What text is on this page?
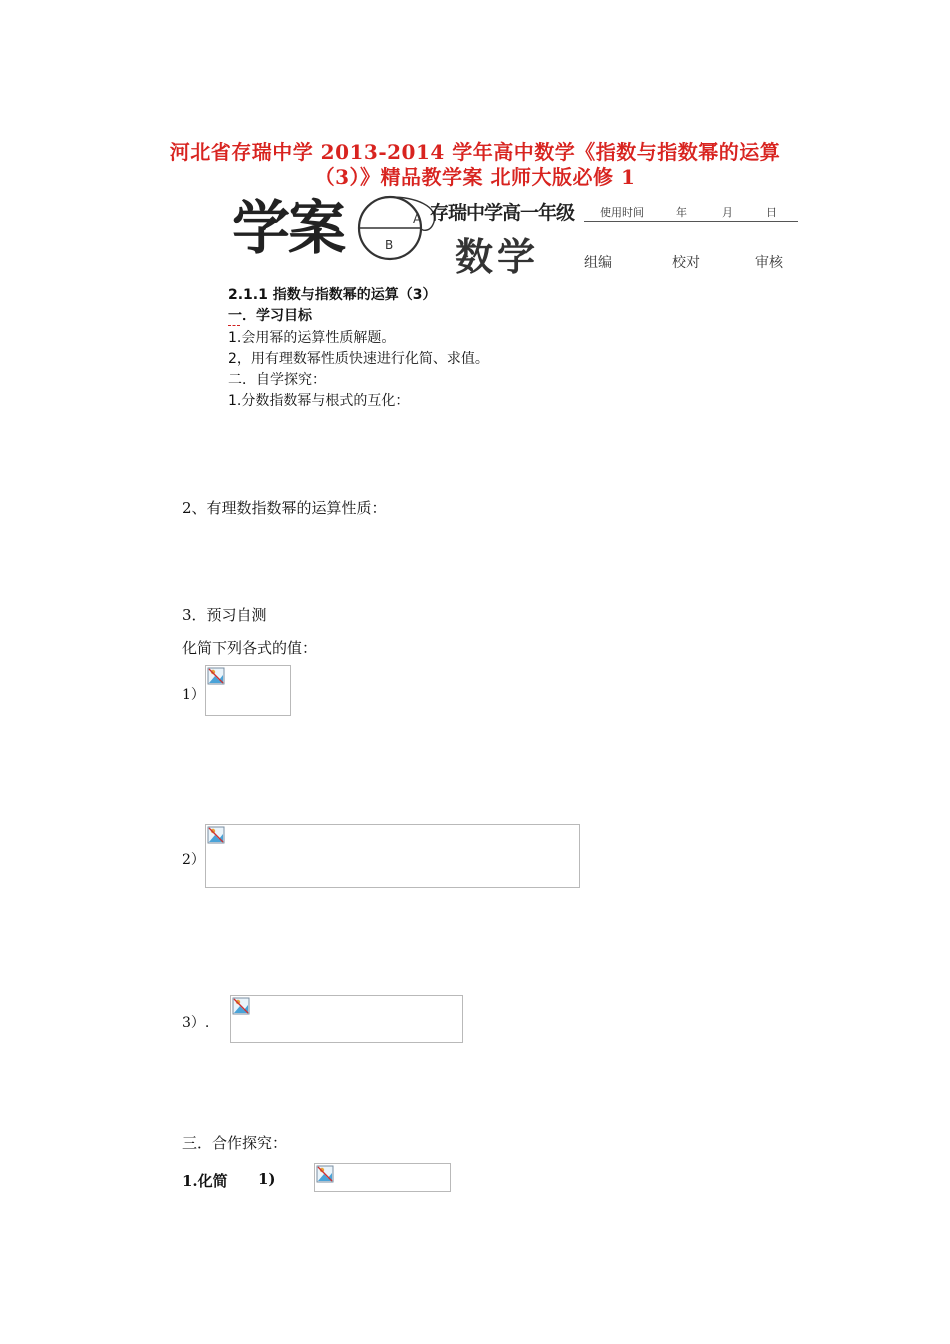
河北省存瑞中学 2013-2014 学年高中数学《指数与指数幂的运算
（3）》精品教学案 北师大版必修 1
学案	A
B
存瑞中学高一年级
数学
使用时间	年	月	日
组编	校对	审核
2.1.1 指数与指数幂的运算（3）
一．学习目标
1.会用幂的运算性质解题。
2，用有理数幂性质快速进行化简、求值。
二．自学探究：
1.分数指数幂与根式的互化：
2、有理数指数幂的运算性质：
3．预习自测
化简下列各式的值：
1）
2）
3）.
三．合作探究：
1.化简 1)
